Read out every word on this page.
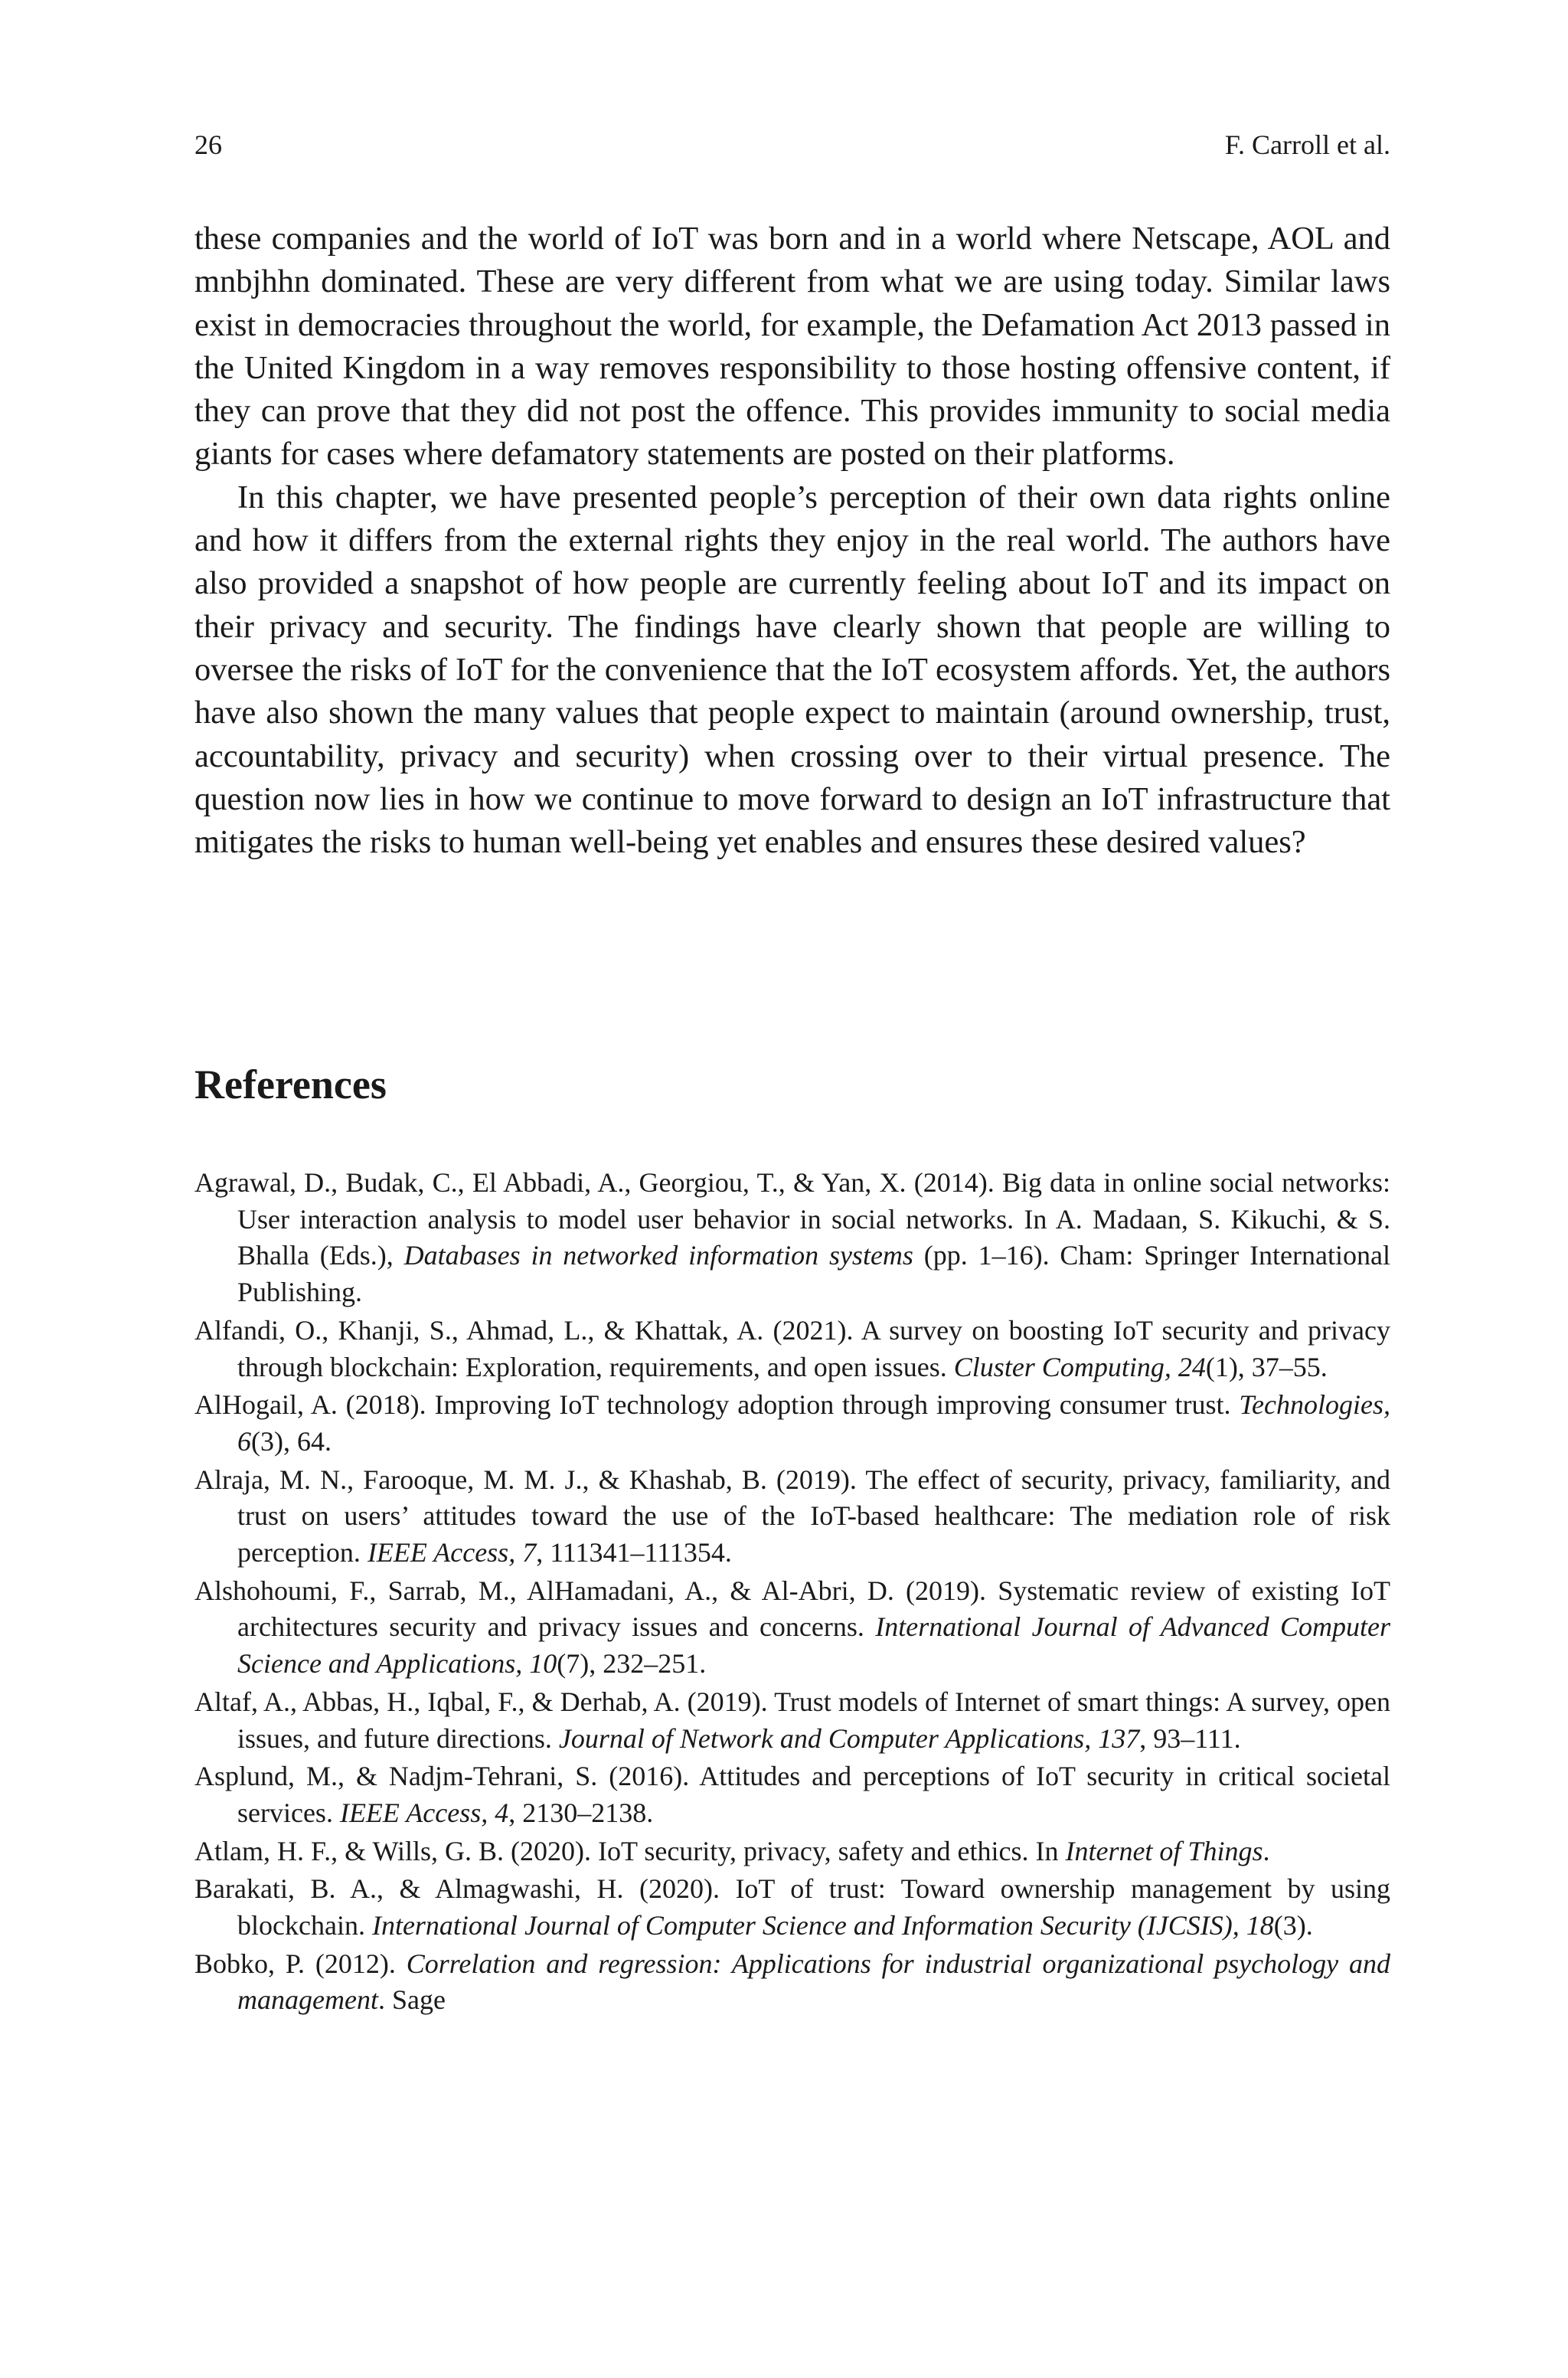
26	F. Carroll et al.

these companies and the world of IoT was born and in a world where Netscape, AOL and mnbjhhn dominated. These are very different from what we are using today. Similar laws exist in democracies throughout the world, for example, the Defamation Act 2013 passed in the United Kingdom in a way removes responsibility to those hosting offensive content, if they can prove that they did not post the offence. This provides immunity to social media giants for cases where defamatory statements are posted on their platforms.

In this chapter, we have presented people’s perception of their own data rights online and how it differs from the external rights they enjoy in the real world. The authors have also provided a snapshot of how people are currently feeling about IoT and its impact on their privacy and security. The findings have clearly shown that people are willing to oversee the risks of IoT for the convenience that the IoT ecosystem affords. Yet, the authors have also shown the many values that people expect to maintain (around ownership, trust, accountability, privacy and security) when crossing over to their virtual presence. The question now lies in how we continue to move forward to design an IoT infrastructure that mitigates the risks to human well-being yet enables and ensures these desired values?

References

Agrawal, D., Budak, C., El Abbadi, A., Georgiou, T., & Yan, X. (2014). Big data in online social networks: User interaction analysis to model user behavior in social networks. In A. Madaan, S. Kikuchi, & S. Bhalla (Eds.), Databases in networked information systems (pp. 1–16). Cham: Springer International Publishing.

Alfandi, O., Khanji, S., Ahmad, L., & Khattak, A. (2021). A survey on boosting IoT security and privacy through blockchain: Exploration, requirements, and open issues. Cluster Computing, 24(1), 37–55.

AlHogail, A. (2018). Improving IoT technology adoption through improving consumer trust. Technologies, 6(3), 64.

Alraja, M. N., Farooque, M. M. J., & Khashab, B. (2019). The effect of security, privacy, familiarity, and trust on users’ attitudes toward the use of the IoT-based healthcare: The mediation role of risk perception. IEEE Access, 7, 111341–111354.

Alshohoumi, F., Sarrab, M., AlHamadani, A., & Al-Abri, D. (2019). Systematic review of existing IoT architectures security and privacy issues and concerns. International Journal of Advanced Computer Science and Applications, 10(7), 232–251.

Altaf, A., Abbas, H., Iqbal, F., & Derhab, A. (2019). Trust models of Internet of smart things: A survey, open issues, and future directions. Journal of Network and Computer Applications, 137, 93–111.

Asplund, M., & Nadjm-Tehrani, S. (2016). Attitudes and perceptions of IoT security in critical societal services. IEEE Access, 4, 2130–2138.

Atlam, H. F., & Wills, G. B. (2020). IoT security, privacy, safety and ethics. In Internet of Things.

Barakati, B. A., & Almagwashi, H. (2020). IoT of trust: Toward ownership management by using blockchain. International Journal of Computer Science and Information Security (IJCSIS), 18(3).

Bobko, P. (2012). Correlation and regression: Applications for industrial organizational psychology and management. Sage
